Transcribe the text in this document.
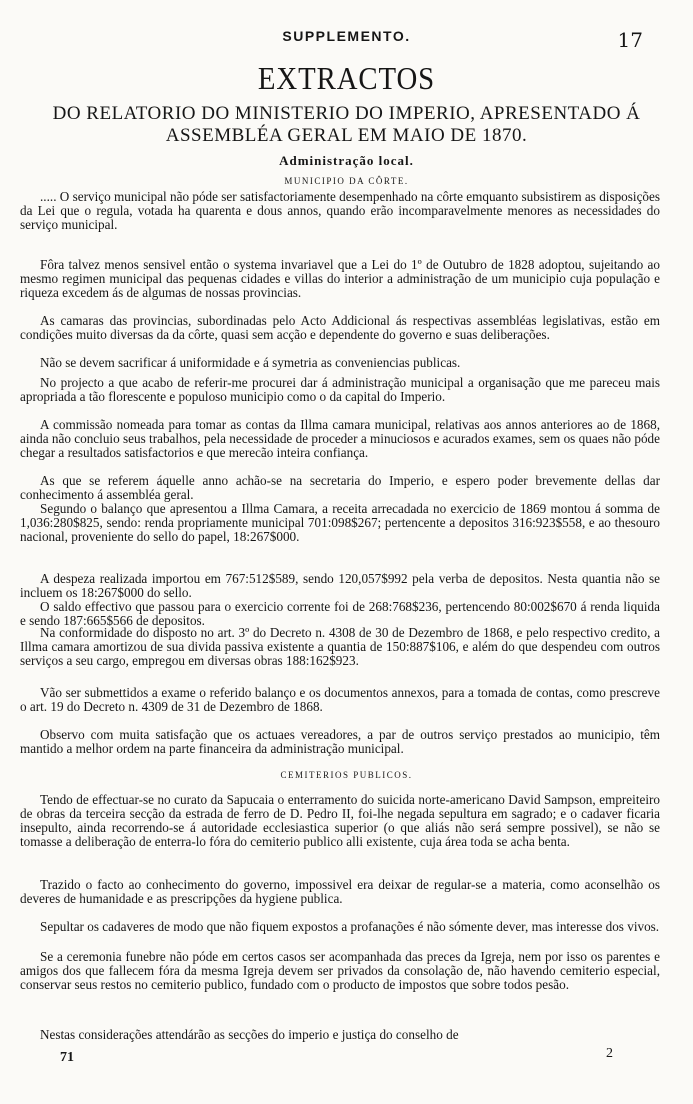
SUPPLEMENTO.	17
EXTRACTOS
DO RELATORIO DO MINISTERIO DO IMPERIO, APRESENTADO Á
ASSEMBLÉA GERAL EM MAIO DE 1870.
Administração local.
MUNICIPIO DA CÔRTE.

..... O serviço municipal não póde ser satisfactoriamente desempenhado na côrte emquanto subsistirem as disposições da Lei que o regula, votada ha quarenta e dous annos, quando erão incomparavelmente menores as necessidades do serviço municipal.

Fôra talvez menos sensivel então o systema invariavel que a Lei do 1º de Outubro de 1828 adoptou, sujeitando ao mesmo regimen municipal das pequenas cidades e villas do interior a administração de um municipio cuja população e riqueza excedem ás de algumas de nossas provincias.

As camaras das provincias, subordinadas pelo Acto Addicional ás respectivas assembléas legislativas, estão em condições muito diversas da da côrte, quasi sem acção e dependente do governo e suas deliberações.

Não se devem sacrificar á uniformidade e á symetria as conveniencias publicas.

No projecto a que acabo de referir-me procurei dar á administração municipal a organisação que me pareceu mais apropriada a tão florescente e populoso municipio como o da capital do Imperio.

A commissão nomeada para tomar as contas da Illma camara municipal, relativas aos annos anteriores ao de 1868, ainda não concluio seus trabalhos, pela necessidade de proceder a minuciosos e acurados exames, sem os quaes não póde chegar a resultados satisfactorios e que merecão inteira confiança.

As que se referem áquelle anno achão-se na secretaria do Imperio, e espero poder brevemente dellas dar conhecimento á assembléa geral.

Segundo o balanço que apresentou a Illma Camara, a receita arrecadada no exercicio de 1869 montou á somma de 1,036:280$825, sendo: renda propriamente municipal 701:098$267; pertencente a depositos 316:923$558, e ao thesouro nacional, proveniente do sello do papel, 18:267$000.

A despeza realizada importou em 767:512$589, sendo 120,057$992 pela verba de depositos. Nesta quantia não se incluem os 18:267$000 do sello.

O saldo effectivo que passou para o exercicio corrente foi de 268:768$236, pertencendo 80:002$670 á renda liquida e sendo 187:665$566 de depositos.

Na conformidade do disposto no art. 3º do Decreto n. 4308 de 30 de Dezembro de 1868, e pelo respectivo credito, a Illma camara amortizou de sua divida passiva existente a quantia de 150:887$106, e além do que despendeu com outros serviços a seu cargo, empregou em diversas obras 188:162$923.

Vão ser submettidos a exame o referido balanço e os documentos annexos, para a tomada de contas, como prescreve o art. 19 do Decreto n. 4309 de 31 de Dezembro de 1868.

Observo com muita satisfação que os actuaes vereadores, a par de outros serviço prestados ao municipio, têm mantido a melhor ordem na parte financeira da administração municipal.

CEMITERIOS PUBLICOS.

Tendo de effectuar-se no curato da Sapucaia o enterramento do suicida norte-americano David Sampson, empreiteiro de obras da terceira secção da estrada de ferro de D. Pedro II, foi-lhe negada sepultura em sagrado; e o cadaver ficaria insepulto, ainda recorrendo-se á autoridade ecclesiastica superior (o que aliás não será sempre possivel), se não se tomasse a deliberação de enterra-lo fóra do cemiterio publico alli existente, cuja área toda se acha benta.

Trazido o facto ao conhecimento do governo, impossivel era deixar de regular-se a materia, como aconselhão os deveres de humanidade e as prescripções da hygiene publica.

Sepultar os cadaveres de modo que não fiquem expostos a profanações é não sómente dever, mas interesse dos vivos.

Se a ceremonia funebre não póde em certos casos ser acompanhada das preces da Igreja, nem por isso os parentes e amigos dos que fallecem fóra da mesma Igreja devem ser privados da consolação de, não havendo cemiterio especial, conservar seus restos no cemiterio publico, fundado com o producto de impostos que sobre todos pesão.

Nestas considerações attendárão as secções do imperio e justiça do conselho de

71	2
